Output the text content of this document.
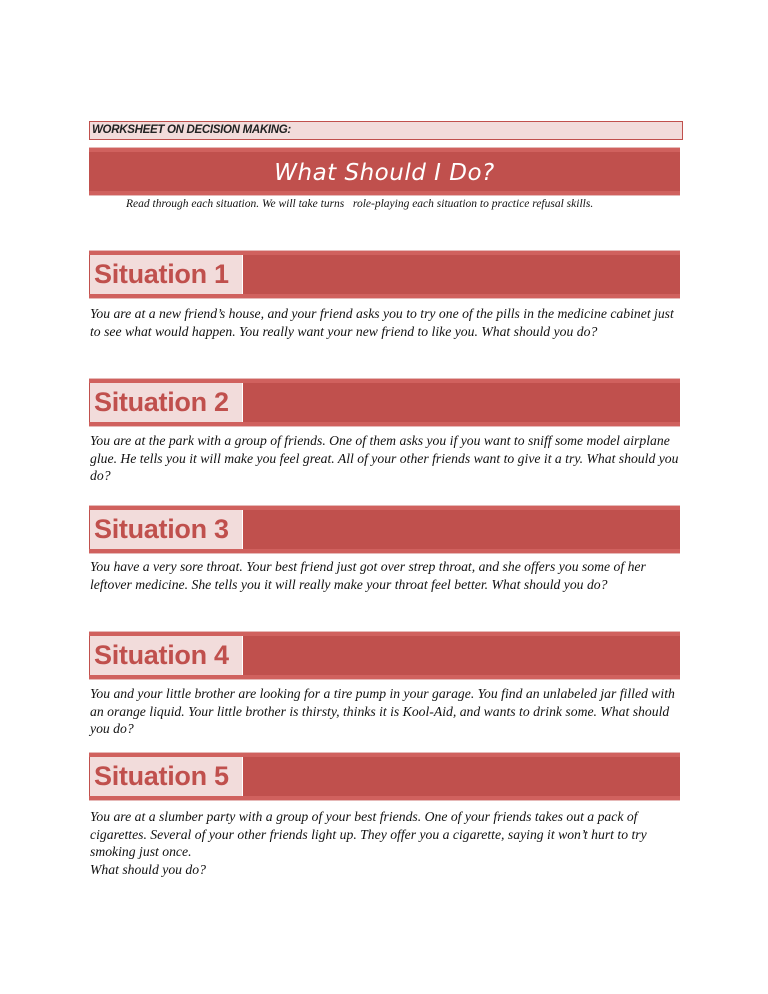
WORKSHEET ON DECISION MAKING:
What Should I Do?
Read through each situation. We will take turns   role-playing each situation to practice refusal skills.
Situation 1
You are at a new friend’s house, and your friend asks you to try one of the pills in the medicine cabinet just to see what would happen. You really want your new friend to like you. What should you do?
Situation 2
You are at the park with a group of friends. One of them asks you if you want to sniff some model airplane glue. He tells you it will make you feel great. All of your other friends want to give it a try. What should you do?
Situation 3
You have a very sore throat. Your best friend just got over strep throat, and she offers you some of her leftover medicine. She tells you it will really make your throat feel better. What should you do?
Situation 4
You and your little brother are looking for a tire pump in your garage. You find an unlabeled jar filled with an orange liquid. Your little brother is thirsty, thinks it is Kool-Aid, and wants to drink some. What should you do?
Situation 5
You are at a slumber party with a group of your best friends. One of your friends takes out a pack of cigarettes. Several of your other friends light up. They offer you a cigarette, saying it won’t hurt to try smoking just once.
What should you do?
